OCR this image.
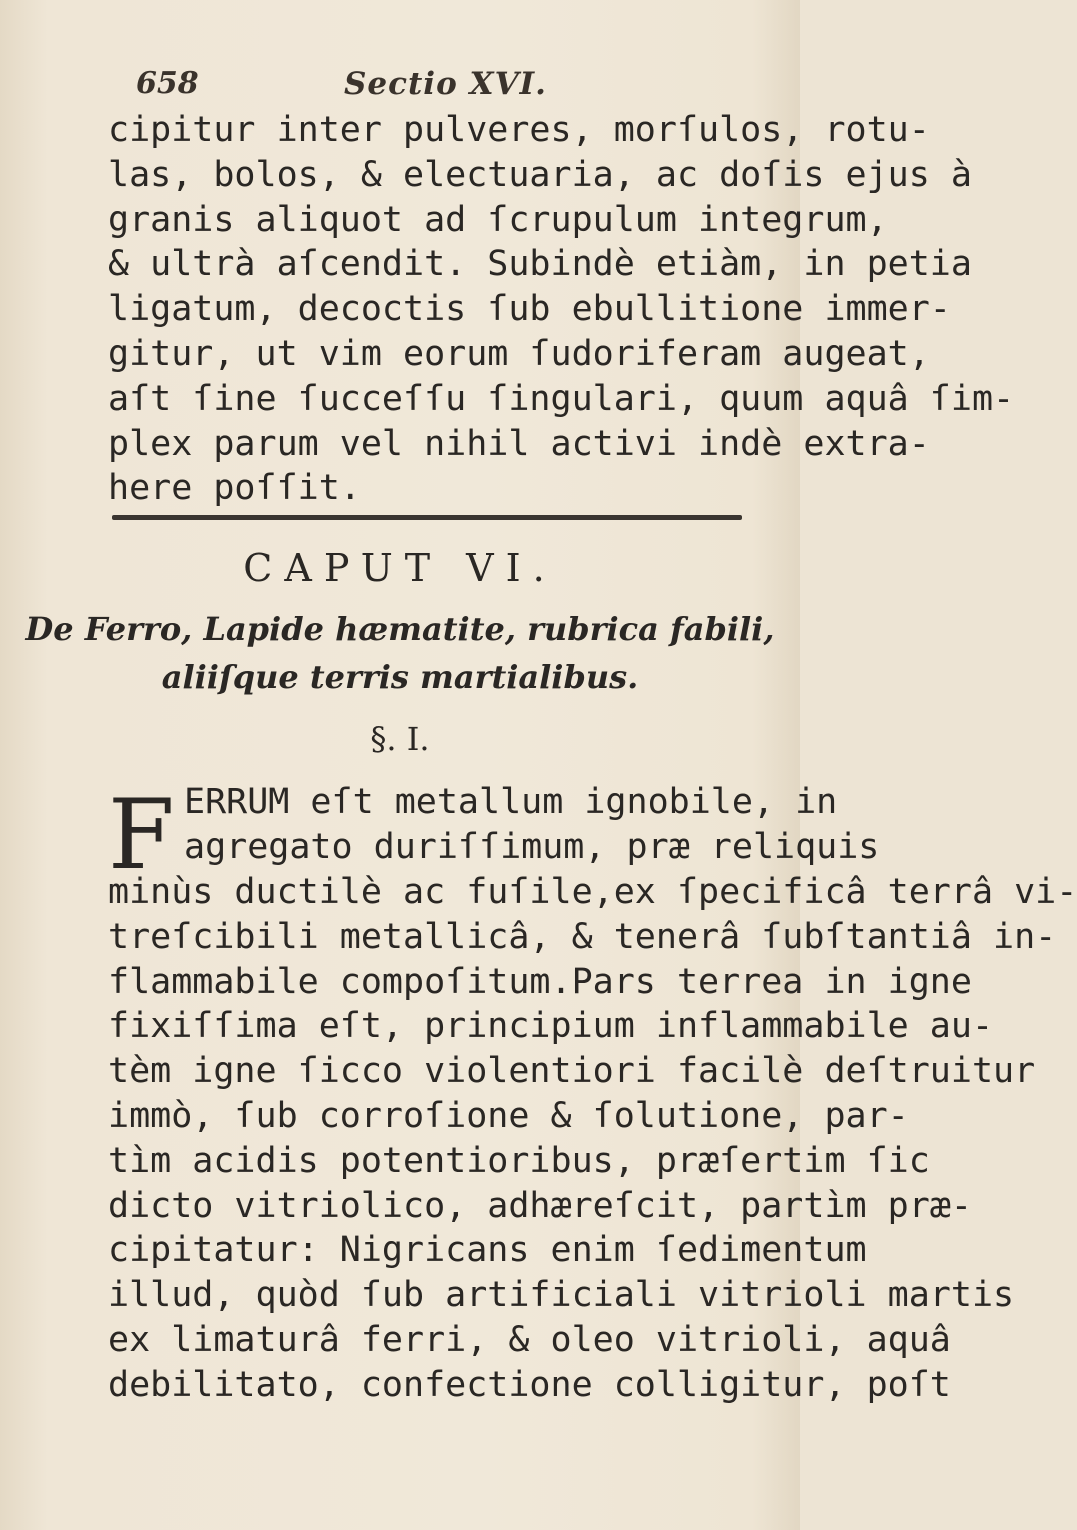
658	Sectio XVI.
cipitur inter pulveres, morſulos, rotu-
las, bolos, & electuaria, ac doſis ejus à
granis aliquot ad ſcrupulum integrum,
& ultrà aſcendit. Subindè etiàm, in petia
ligatum, decoctis ſub ebullitione immer-
gitur, ut vim eorum ſudoriferam augeat,
aſt ſine ſucceſſu ſingulari, quum aquâ ſim-
plex parum vel nihil activi indè extra-
here poſſit.
CAPUT VI.
De Ferro, Lapide hæmatite, rubrica fabili,
aliiſque terris martialibus.
§. I.
F ERRUM eſt metallum ignobile, in
agregato duriſſimum, præ reliquis
minùs ductilè ac fuſile,ex ſpecificâ terrâ vi-
treſcibili metallicâ, & tenerâ ſubſtantiâ in-
flammabile compoſitum.Pars terrea in igne
fixiſſima eſt, principium inflammabile au-
tèm igne ſicco violentiori facilè deſtruitur
immò, ſub corroſione & ſolutione, par-
tìm acidis potentioribus, præſertim ſic
dicto vitriolico, adhæreſcit, partìm præ-
cipitatur: Nigricans enim ſedimentum
illud, quòd ſub artificiali vitrioli martis
ex limaturâ ferri, & oleo vitrioli, aquâ
debilitato, confectione colligitur, poſt
